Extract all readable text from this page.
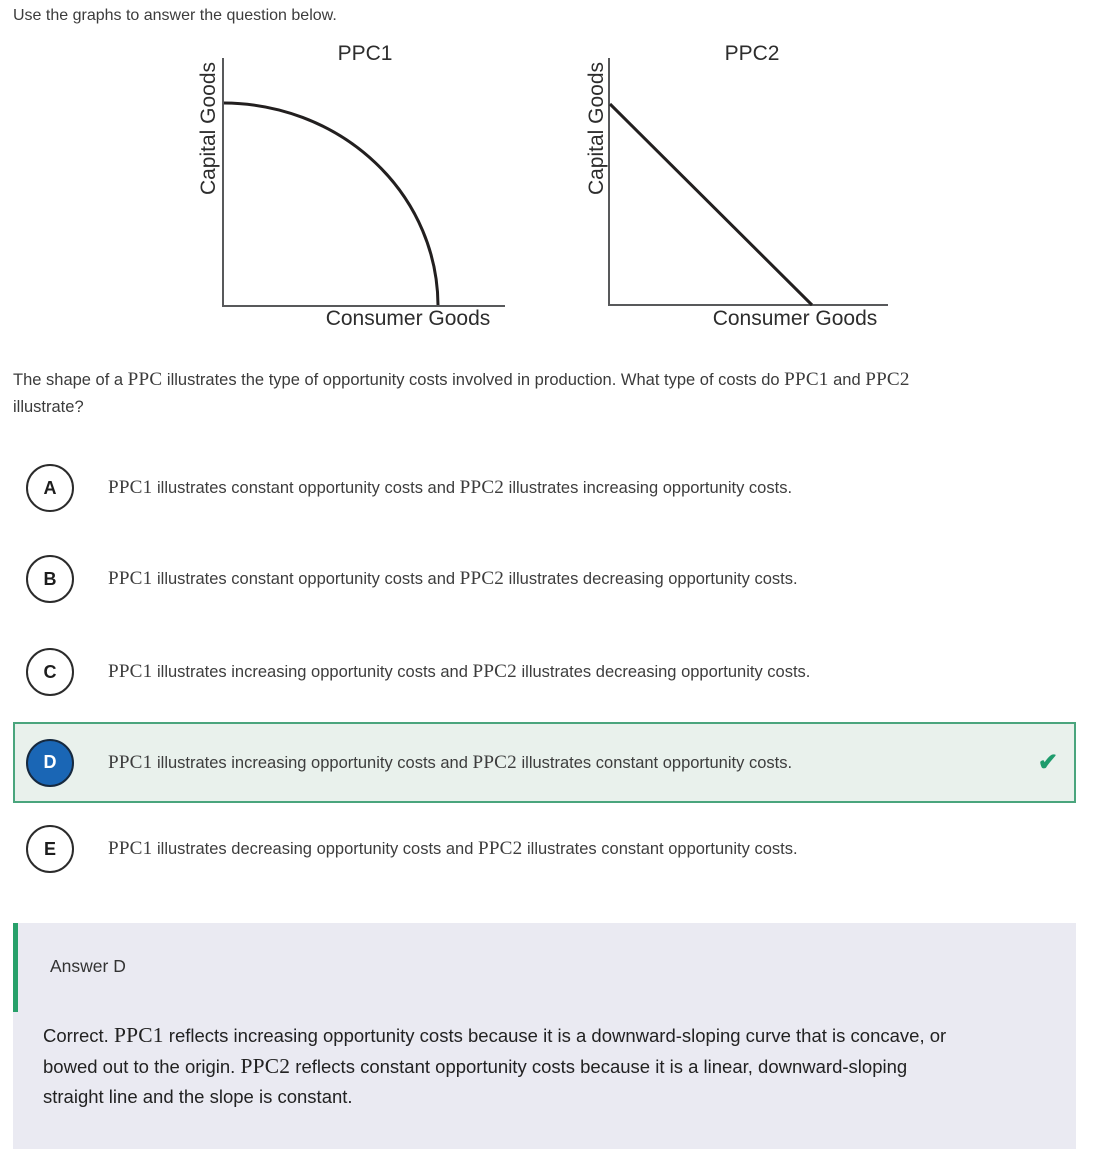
Use the graphs to answer the question below.
PPC1
Capital Goods
Consumer Goods
PPC2
Capital Goods
Consumer Goods
The shape of a PPC illustrates the type of opportunity costs involved in production. What type of costs do PPC1 and PPC2
illustrate?
A	PPC1 illustrates constant opportunity costs and PPC2 illustrates increasing opportunity costs.
B	PPC1 illustrates constant opportunity costs and PPC2 illustrates decreasing opportunity costs.
C	PPC1 illustrates increasing opportunity costs and PPC2 illustrates decreasing opportunity costs.
D	PPC1 illustrates increasing opportunity costs and PPC2 illustrates constant opportunity costs.	✔
E	PPC1 illustrates decreasing opportunity costs and PPC2 illustrates constant opportunity costs.
Answer D
Correct. PPC1 reflects increasing opportunity costs because it is a downward-sloping curve that is concave, or
bowed out to the origin. PPC2 reflects constant opportunity costs because it is a linear, downward-sloping
straight line and the slope is constant.
